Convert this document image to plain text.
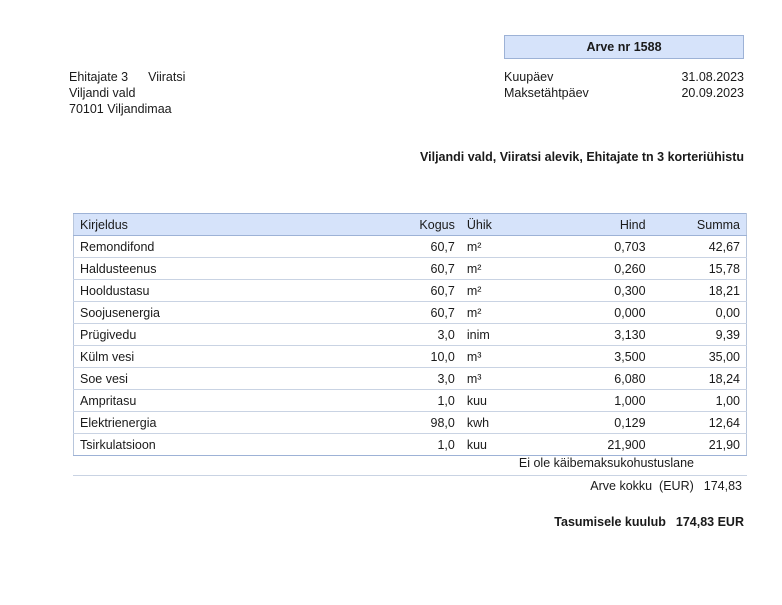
Arve nr 1588
Ehitajate 3 Viiratsi
Viljandi vald
70101 Viljandimaa
Kuupäev	31.08.2023
Maksetähtpäev	20.09.2023
Viljandi vald, Viiratsi alevik, Ehitajate tn 3 korteriühistu
Kirjeldus	Kogus	Ühik	Hind	Summa
Remondifond	60,7	m²	0,703	42,67
Haldusteenus	60,7	m²	0,260	15,78
Hooldustasu	60,7	m²	0,300	18,21
Soojusenergia	60,7	m²	0,000	0,00
Prügivedu	3,0	inim	3,130	9,39
Külm vesi	10,0	m³	3,500	35,00
Soe vesi	3,0	m³	6,080	18,24
Ampritasu	1,0	kuu	1,000	1,00
Elektrienergia	98,0	kwh	0,129	12,64
Tsirkulatsioon	1,0	kuu	21,900	21,90
Ei ole käibemaksukohustuslane
Arve kokku  (EUR) 174,83
Tasumisele kuulub 174,83 EUR
